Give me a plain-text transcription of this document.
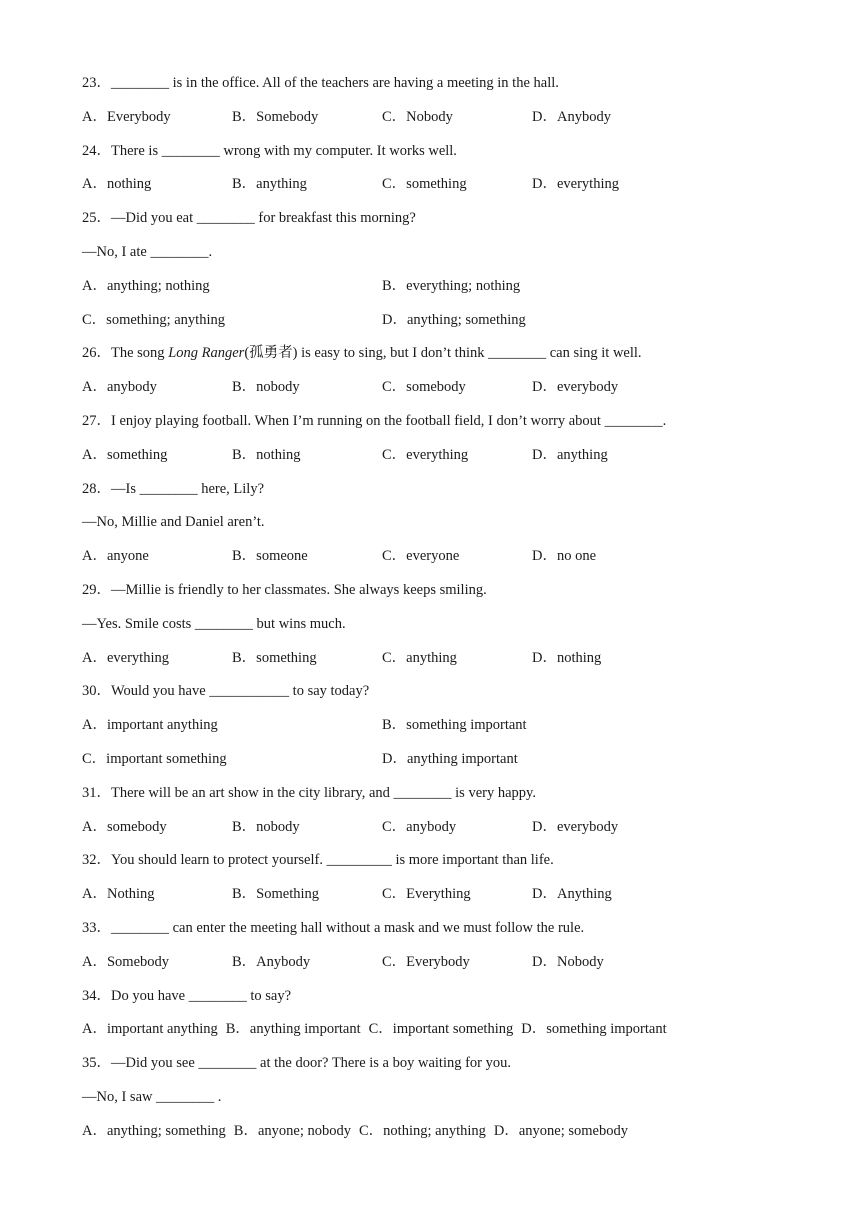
23．________ is in the office. All of the teachers are having a meeting in the hall.
A．Everybody	B．Somebody	C．Nobody	D．Anybody
24．There is ________ wrong with my computer. It works well.
A．nothing	B．anything	C．something	D．everything
25．—Did you eat ________ for breakfast this morning?
—No, I ate ________.
A．anything; nothing	B．everything; nothing
C．something; anything	D．anything; something
26．The song Long Ranger(孤勇者) is easy to sing, but I don’t think ________ can sing it well.
A．anybody	B．nobody	C．somebody	D．everybody
27．I enjoy playing football. When I’m running on the football field, I don’t worry about ________.
A．something	B．nothing	C．everything	D．anything
28．—Is ________ here, Lily?
—No, Millie and Daniel aren’t.
A．anyone	B．someone	C．everyone	D．no one
29．—Millie is friendly to her classmates. She always keeps smiling.
—Yes. Smile costs ________ but wins much.
A．everything	B．something	C．anything	D．nothing
30．Would you have ___________ to say today?
A．important anything	B．something important
C．important something	D．anything important
31．There will be an art show in the city library, and ________ is very happy.
A．somebody	B．nobody	C．anybody	D．everybody
32．You should learn to protect yourself. _________ is more important than life.
A．Nothing	B．Something	C．Everything	D．Anything
33．________ can enter the meeting hall without a mask and we must follow the rule.
A．Somebody	B．Anybody	C．Everybody	D．Nobody
34．Do you have ________ to say?
A．important anything B．anything important C．important something D．something important
35．—Did you see ________ at the door? There is a boy waiting for you.
—No, I saw ________ .
A．anything; something B．anyone; nobody C．nothing; anything D．anyone; somebody
